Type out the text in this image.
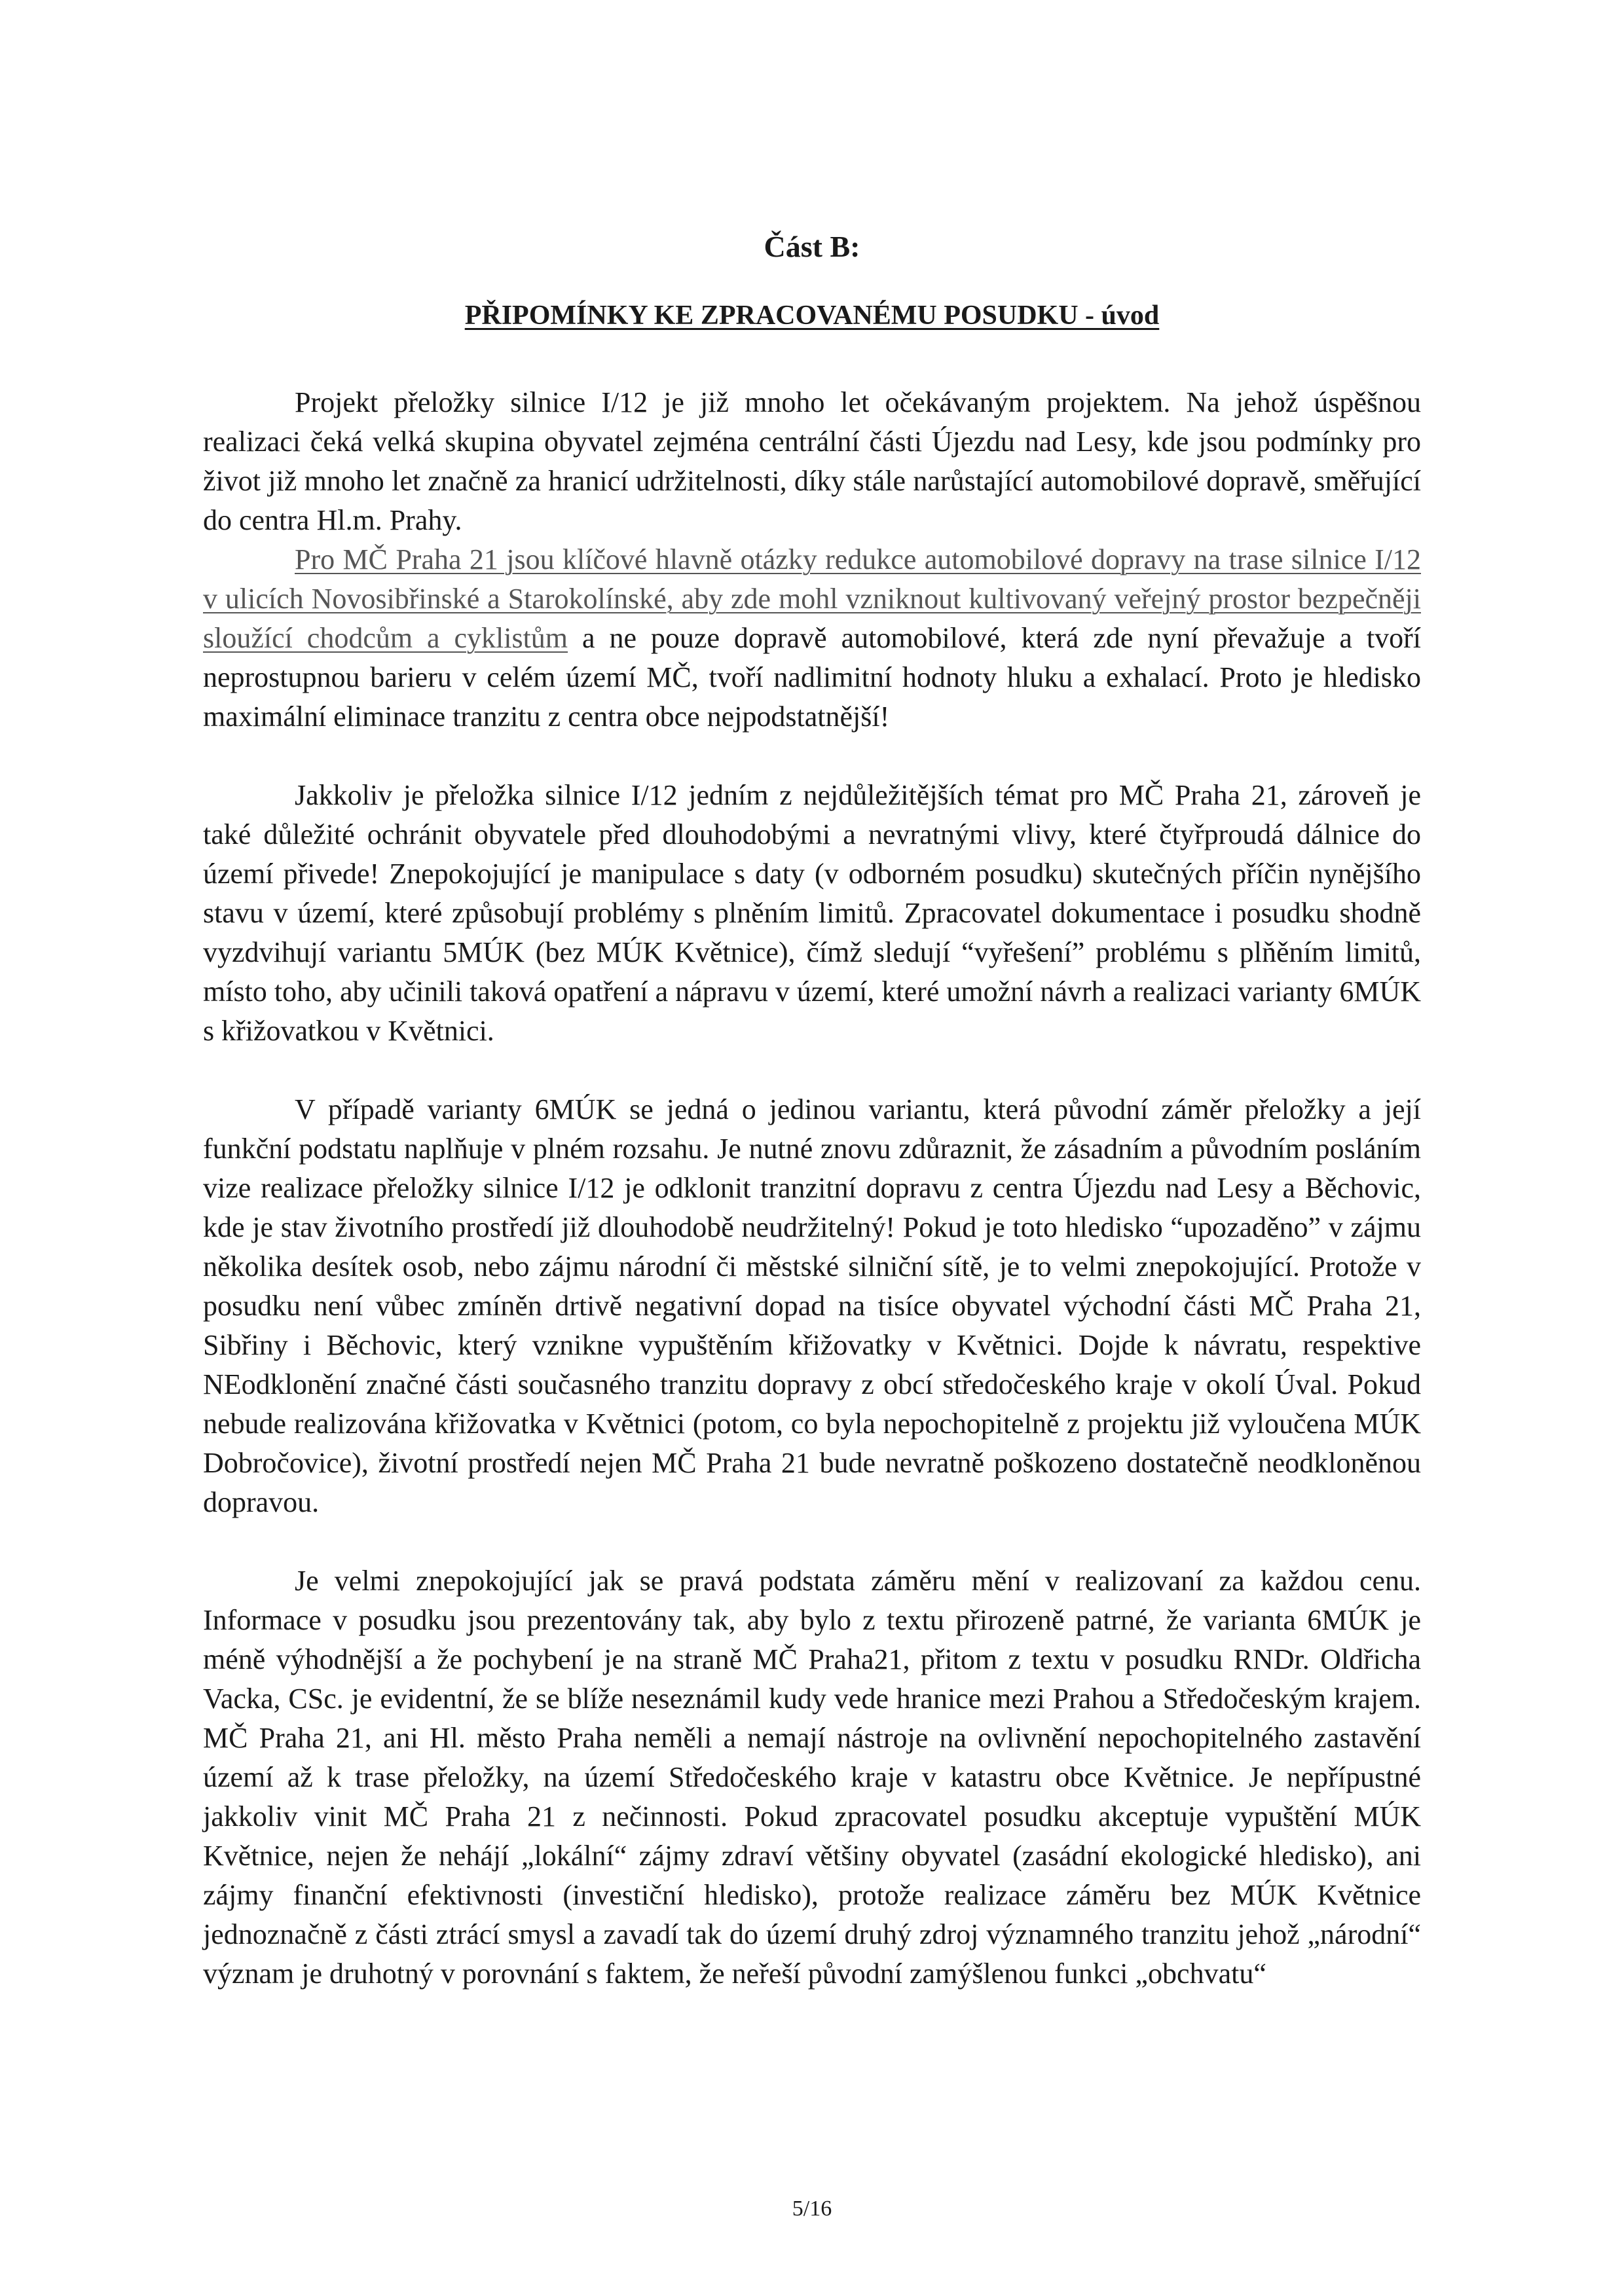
Část B:
PŘIPOMÍNKY KE ZPRACOVANÉMU POSUDKU - úvod

Projekt přeložky silnice I/12 je již mnoho let očekávaným projektem. Na jehož úspěšnou realizaci čeká velká skupina obyvatel zejména centrální části Újezdu nad Lesy, kde jsou podmínky pro život již mnoho let značně za hranicí udržitelnosti, díky stále narůstající automobilové dopravě, směřující do centra Hl.m. Prahy.

Pro MČ Praha 21 jsou klíčové hlavně otázky redukce automobilové dopravy na trase silnice I/12 v ulicích Novosibřinské a Starokolínské, aby zde mohl vzniknout kultivovaný veřejný prostor bezpečněji sloužící chodcům a cyklistům a ne pouze dopravě automobilové, která zde nyní převažuje a tvoří neprostupnou barieru v celém území MČ, tvoří nadlimitní hodnoty hluku a exhalací. Proto je hledisko maximální eliminace tranzitu z centra obce nejpodstatnější!

Jakkoliv je přeložka silnice I/12 jedním z nejdůležitějších témat pro MČ Praha 21, zároveň je také důležité ochránit obyvatele před dlouhodobými a nevratnými vlivy, které čtyřproudá dálnice do území přivede! Znepokojující je manipulace s daty (v odborném posudku) skutečných příčin nynějšího stavu v území, které způsobují problémy s plněním limitů. Zpracovatel dokumentace i posudku shodně vyzdvihují variantu 5MÚK (bez MÚK Květnice), čímž sledují “vyřešení” problému s plňěním limitů, místo toho, aby učinili taková opatření a nápravu v území, které umožní návrh a realizaci varianty 6MÚK s křižovatkou v Květnici.

V případě varianty 6MÚK se jedná o jedinou variantu, která původní záměr přeložky a její funkční podstatu naplňuje v plném rozsahu. Je nutné znovu zdůraznit, že zásadním a původním posláním vize realizace přeložky silnice I/12 je odklonit tranzitní dopravu z centra Újezdu nad Lesy a Běchovic, kde je stav životního prostředí již dlouhodobě neudržitelný! Pokud je toto hledisko “upozaděno” v zájmu několika desítek osob, nebo zájmu národní či městské silniční sítě, je to velmi znepokojující. Protože v posudku není vůbec zmíněn drtivě negativní dopad na tisíce obyvatel východní části MČ Praha 21, Sibřiny i Běchovic, který vznikne vypuštěním křižovatky v Květnici. Dojde k návratu, respektive NEodklonění značné části současného tranzitu dopravy z obcí středočeského kraje v okolí Úval. Pokud nebude realizována křižovatka v Květnici (potom, co byla nepochopitelně z projektu již vyloučena MÚK Dobročovice), životní prostředí nejen MČ Praha 21 bude nevratně poškozeno dostatečně neodkloněnou dopravou.

Je velmi znepokojující jak se pravá podstata záměru mění v realizovaní za každou cenu. Informace v posudku jsou prezentovány tak, aby bylo z textu přirozeně patrné, že varianta 6MÚK je méně výhodnější a že pochybení je na straně MČ Praha21, přitom z textu v posudku RNDr. Oldřicha Vacka, CSc. je evidentní, že se blíže neseznámil kudy vede hranice mezi Prahou a Středočeským krajem. MČ Praha 21, ani Hl. město Praha neměli a nemají nástroje na ovlivnění nepochopitelného zastavění území až k trase přeložky, na území Středočeského kraje v katastru obce Květnice. Je nepřípustné jakkoliv vinit MČ Praha 21 z nečinnosti. Pokud zpracovatel posudku akceptuje vypuštění MÚK Květnice, nejen že nehájí „lokální“ zájmy zdraví většiny obyvatel (zasádní ekologické hledisko), ani zájmy finanční efektivnosti (investiční hledisko), protože realizace záměru bez MÚK Květnice jednoznačně z části ztrácí smysl a zavadí tak do území druhý zdroj významného tranzitu jehož „národní“ význam je druhotný v porovnání s faktem, že neřeší původní zamýšlenou funkci „obchvatu“

5/16
